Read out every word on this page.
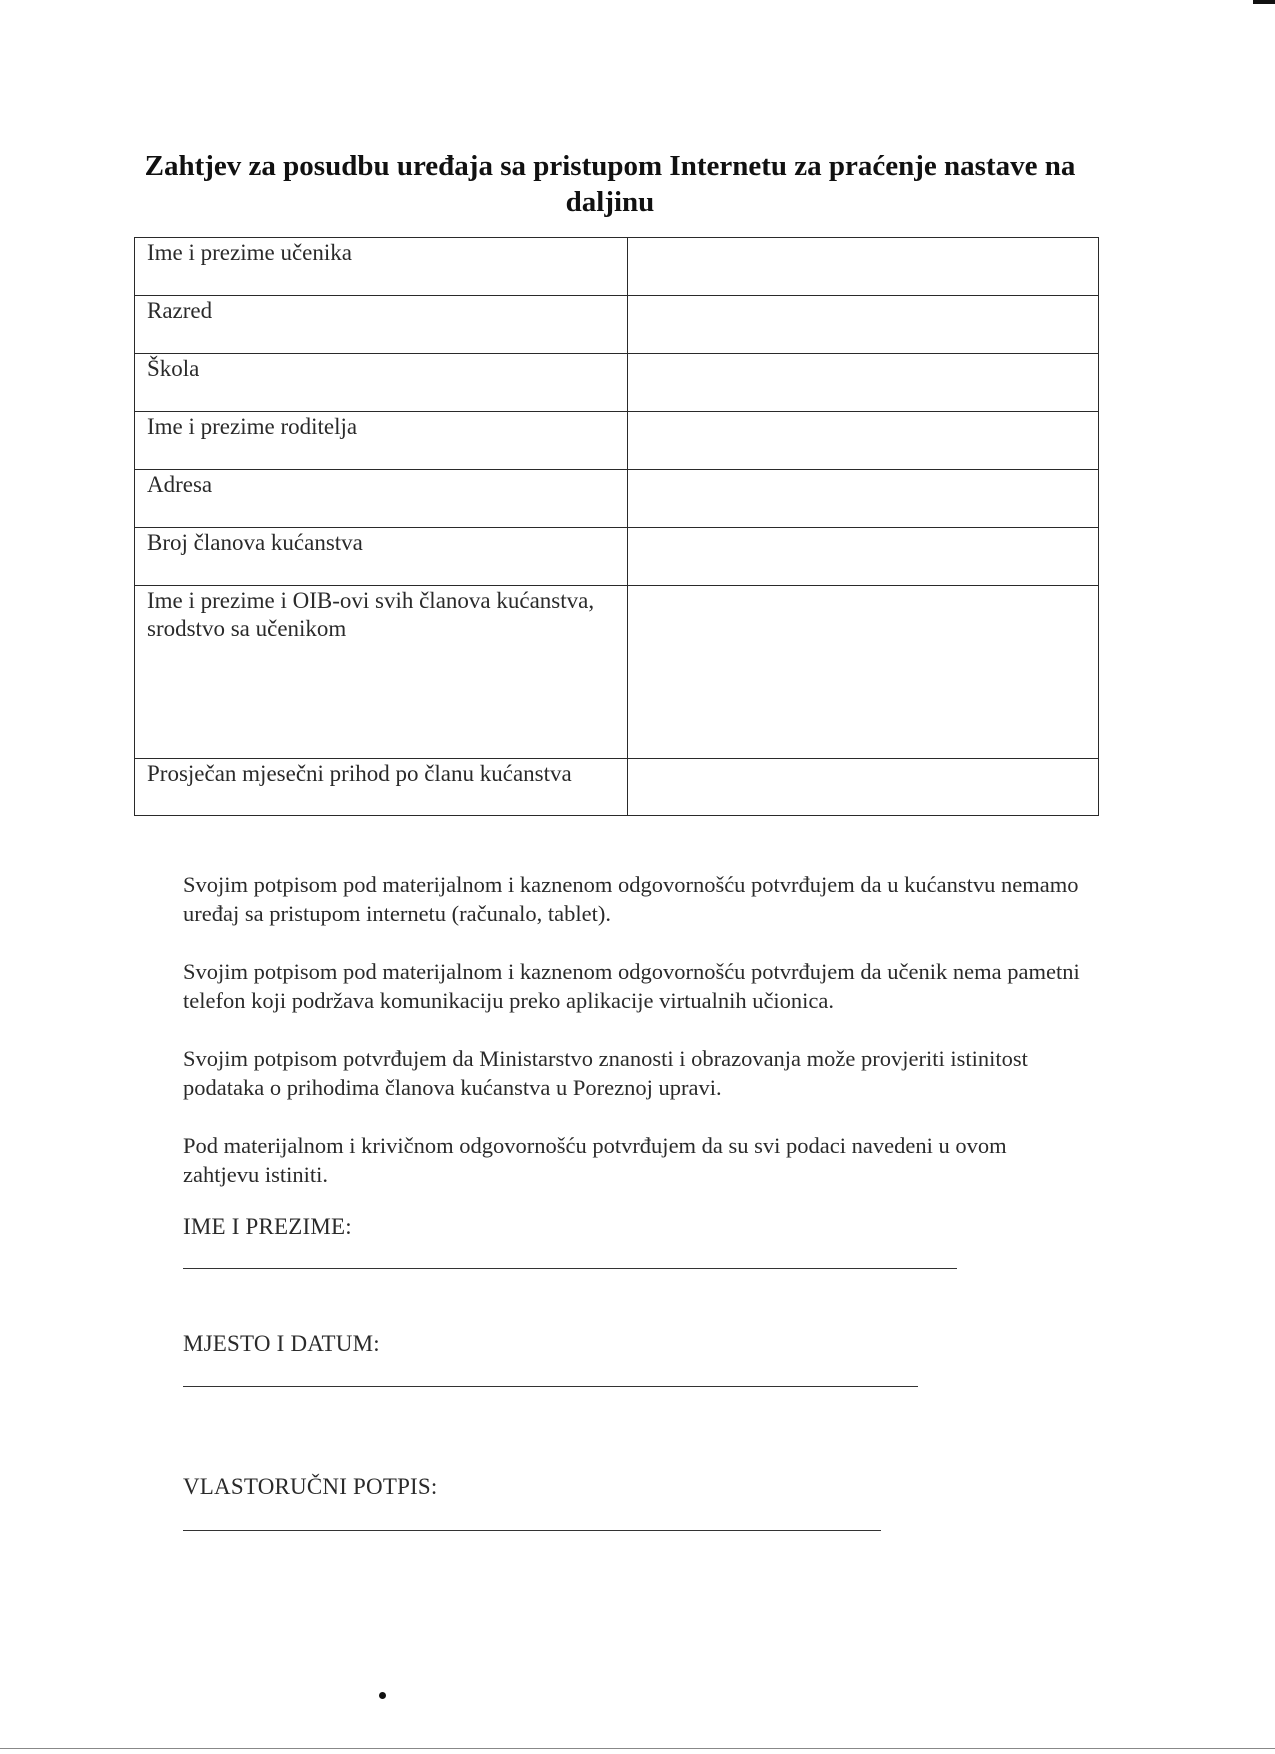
Zahtjev za posudbu uređaja sa pristupom Internetu za praćenje nastave na daljinu
Ime i prezime učenika	
Razred	
Škola	
Ime i prezime roditelja	
Adresa	
Broj članova kućanstva	
Ime i prezime i OIB-ovi svih članova kućanstva, srodstvo sa učenikom	
Prosječan mjesečni prihod po članu kućanstva	

Svojim potpisom pod materijalnom i kaznenom odgovornošću potvrđujem da u kućanstvu nemamo uređaj sa pristupom internetu (računalo, tablet).

Svojim potpisom pod materijalnom i kaznenom odgovornošću potvrđujem da učenik nema pametni telefon koji podržava komunikaciju preko aplikacije virtualnih učionica.

Svojim potpisom potvrđujem da Ministarstvo znanosti i obrazovanja može provjeriti istinitost podataka o prihodima članova kućanstva u Poreznoj upravi.

Pod materijalnom i krivičnom odgovornošću potvrđujem da su svi podaci navedeni u ovom zahtjevu istiniti.

IME I PREZIME:
MJESTO I DATUM:
VLASTORUČNI POTPIS:
